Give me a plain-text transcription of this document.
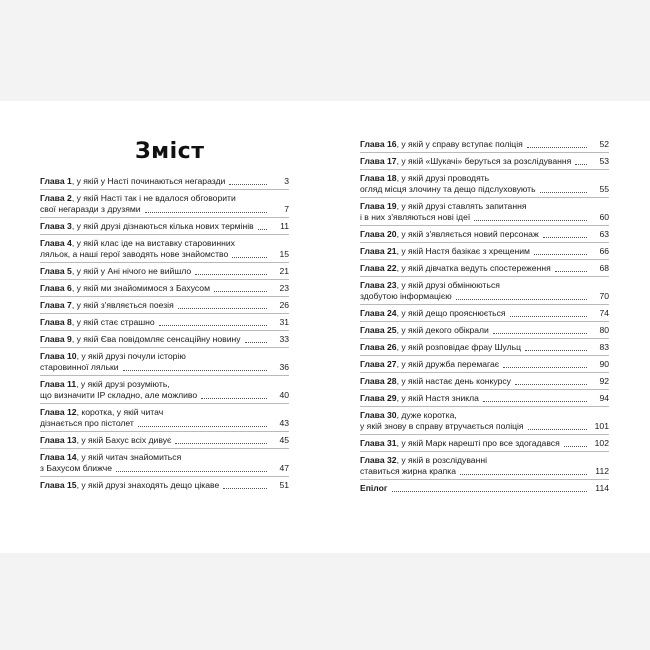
Зміст
Глава 1, у якій у Насті починаються негаразди	3
Глава 2, у якій Насті так і не вдалося обговорити
свої негаразди з друзями	7
Глава 3, у якій друзі дізнаються кілька нових термінів	11
Глава 4, у якій клас іде на виставку старовинних
ляльок, а наші герої заводять нове знайомство	15
Глава 5, у якій у Ані нічого не вийшло	21
Глава 6, у якій ми знайомимося з Бахусом	23
Глава 7, у якій з'являється поезія	26
Глава 8, у якій стає страшно	31
Глава 9, у якій Єва повідомляє сенсаційну новину	33
Глава 10, у якій друзі почули історію
старовинної ляльки	36
Глава 11, у якій друзі розуміють,
що визначити IP складно, але можливо	40
Глава 12, коротка, у якій читач
дізнається про пістолет	43
Глава 13, у якій Бахус всіх дивує	45
Глава 14, у якій читач знайомиться
з Бахусом ближче	47
Глава 15, у якій друзі знаходять дещо цікаве	51
Глава 16, у якій у справу вступає поліція	52
Глава 17, у якій «Шукачі» беруться за розслідування	53
Глава 18, у якій друзі проводять
огляд місця злочину та дещо підслуховують	55
Глава 19, у якій друзі ставлять запитання
і в них з'являються нові ідеї	60
Глава 20, у якій з'являється новий персонаж	63
Глава 21, у якій Настя базікає з хрещеним	66
Глава 22, у якій дівчатка ведуть спостереження	68
Глава 23, у якій друзі обмінюються
здобутою інформацією	70
Глава 24, у якій дещо прояснюється	74
Глава 25, у якій декого обікрали	80
Глава 26, у якій розповідає фрау Шульц	83
Глава 27, у якій дружба перемагає	90
Глава 28, у якій настає день конкурсу	92
Глава 29, у якій Настя зникла	94
Глава 30, дуже коротка,
у якій знову в справу втручається поліція	101
Глава 31, у якій Марк нарешті про все здогадався	102
Глава 32, у якій в розслідуванні
ставиться жирна крапка	112
Епілог	114
